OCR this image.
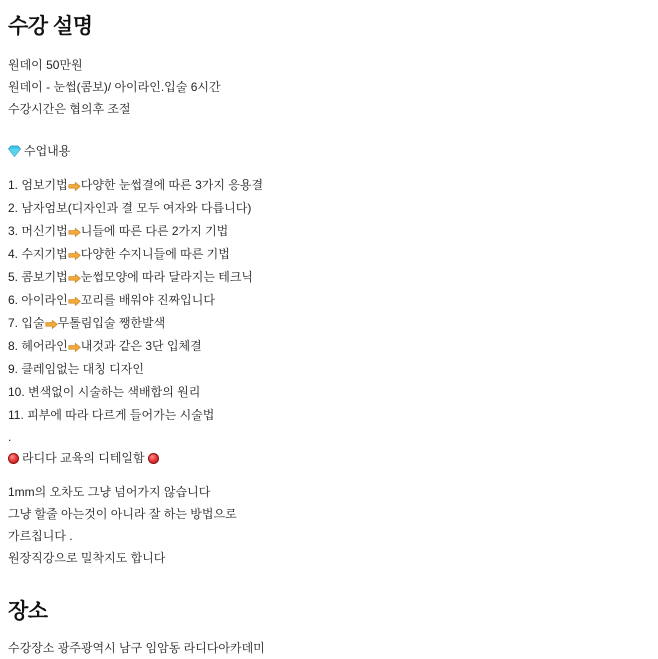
수강 설명

원데이 50만원

원데이 - 눈썹(콤보)/ 아이라인.입술 6시간

수강시간은 협의후 조절

수업내용
1.
엄보기법 다양한 눈썹결에 따른 3가지 응용결
2.
남자엄보(디자인과 결 모두 여자와 다릅니다)
3.
머신기법 니들에 따른 다른 2가지 기법
4.
수지기법 다양한 수지니들에 따른 기법
5.
콤보기법 눈썹모양에 따라 달라지는 테크닉
6.
아이라인 꼬리를 배워야 진짜입니다
7.
입술 무톨림입술 쨍한발색
8.
헤어라인 내것과 같은 3단 입체결
9.
클레임없는 대칭 디자인
10.
변색없이 시술하는 색배합의 원리
11.
피부에 따라 다르게 들어가는 시술법

.

라디다 교육의 디테일함

1mm의 오차도 그냥 넘어가지 않습니다

그냥 할줄 아는것이 아니라 잘 하는 방법으로

가르칩니다 .

원장직강으로 밀착지도 합니다

장소

수강장소 광주광역시 남구 임암동 라디다아카데미
